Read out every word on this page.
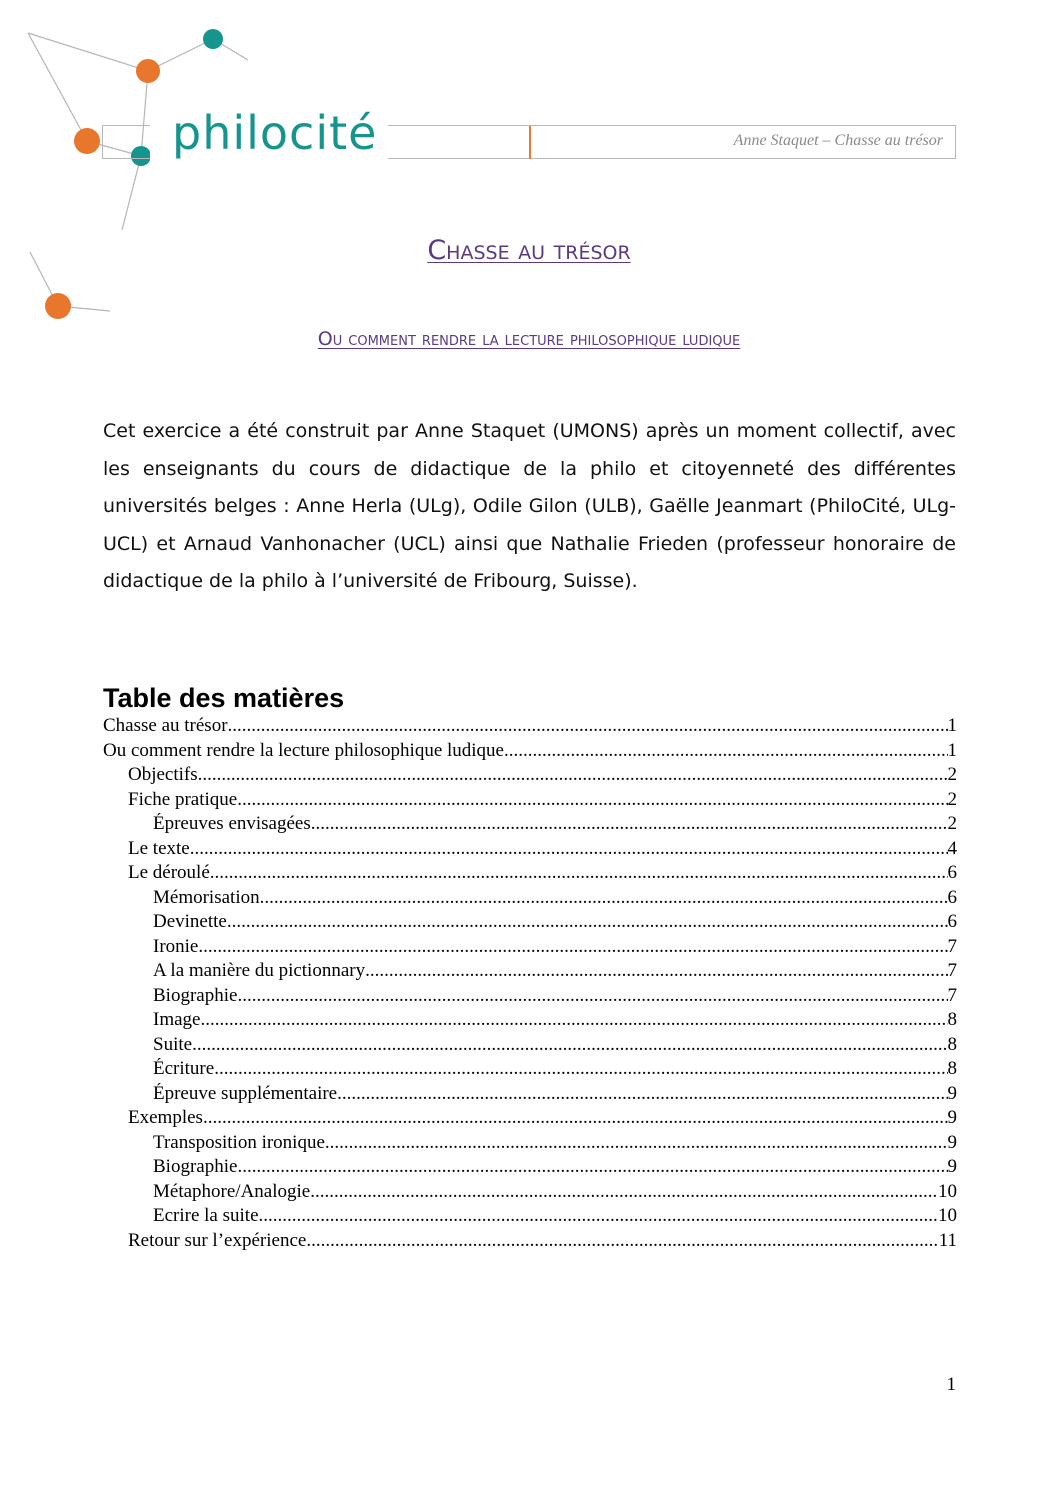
philocité	Anne Staquet – Chasse au trésor
Chasse au trésor
Ou comment rendre la lecture philosophique ludique

Cet exercice a été construit par Anne Staquet (UMONS) après un moment collectif, avec les enseignants du cours de didactique de la philo et citoyenneté des différentes universités belges : Anne Herla (ULg), Odile Gilon (ULB), Gaëlle Jeanmart (PhiloCité, ULg-UCL) et Arnaud Vanhonacher (UCL) ainsi que Nathalie Frieden (professeur honoraire de didactique de la philo à l’université de Fribourg, Suisse).

Table des matières
Chasse au trésor .....	1
Ou comment rendre la lecture philosophique ludique .....	1
Objectifs .....	2
Fiche pratique .....	2
Épreuves envisagées .....	2
Le texte .....	4
Le déroulé .....	6
Mémorisation .....	6
Devinette .....	6
Ironie .....	7
A la manière du pictionnary .....	7
Biographie .....	7
Image .....	8
Suite .....	8
Écriture .....	8
Épreuve supplémentaire .....	9
Exemples .....	9
Transposition ironique .....	9
Biographie .....	9
Métaphore/Analogie .....	10
Ecrire la suite .....	10
Retour sur l’expérience .....	11
1
